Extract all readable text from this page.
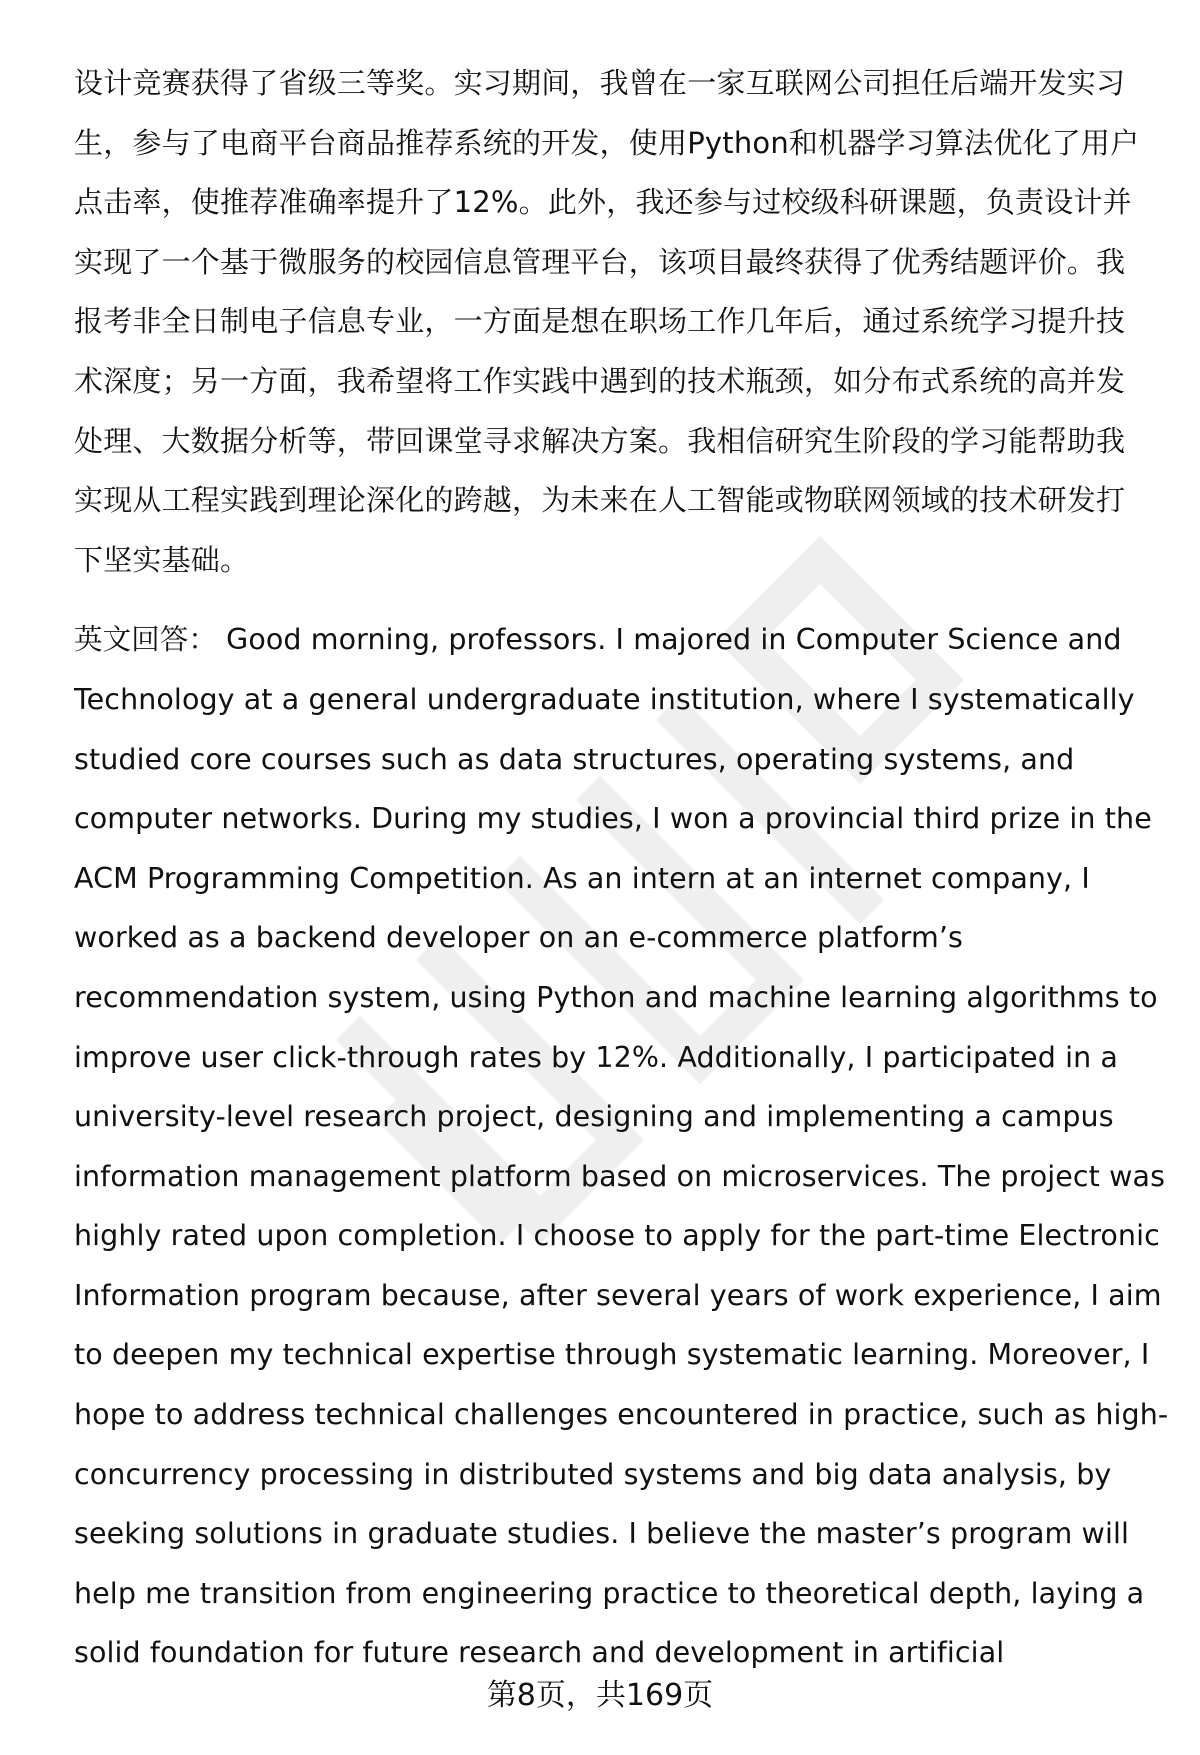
设计竞赛获得了省级三等奖。实习期间，我曾在一家互联网公司担任后端开发实习
生，参与了电商平台商品推荐系统的开发，使用Python和机器学习算法优化了用户
点击率，使推荐准确率提升了12%。此外，我还参与过校级科研课题，负责设计并
实现了一个基于微服务的校园信息管理平台，该项目最终获得了优秀结题评价。我
报考非全日制电子信息专业，一方面是想在职场工作几年后，通过系统学习提升技
术深度；另一方面，我希望将工作实践中遇到的技术瓶颈，如分布式系统的高并发
处理、大数据分析等，带回课堂寻求解决方案。我相信研究生阶段的学习能帮助我
实现从工程实践到理论深化的跨越，为未来在人工智能或物联网领域的技术研发打
下坚实基础。
英文回答： Good morning, professors. I majored in Computer Science and
Technology at a general undergraduate institution, where I systematically
studied core courses such as data structures, operating systems, and
computer networks. During my studies, I won a provincial third prize in the
ACM Programming Competition. As an intern at an internet company, I
worked as a backend developer on an e-commerce platform’s
recommendation system, using Python and machine learning algorithms to
improve user click-through rates by 12%. Additionally, I participated in a
university-level research project, designing and implementing a campus
information management platform based on microservices. The project was
highly rated upon completion. I choose to apply for the part-time Electronic
Information program because, after several years of work experience, I aim
to deepen my technical expertise through systematic learning. Moreover, I
hope to address technical challenges encountered in practice, such as high-
concurrency processing in distributed systems and big data analysis, by
seeking solutions in graduate studies. I believe the master’s program will
help me transition from engineering practice to theoretical depth, laying a
solid foundation for future research and development in artificial
第8页，共169页
